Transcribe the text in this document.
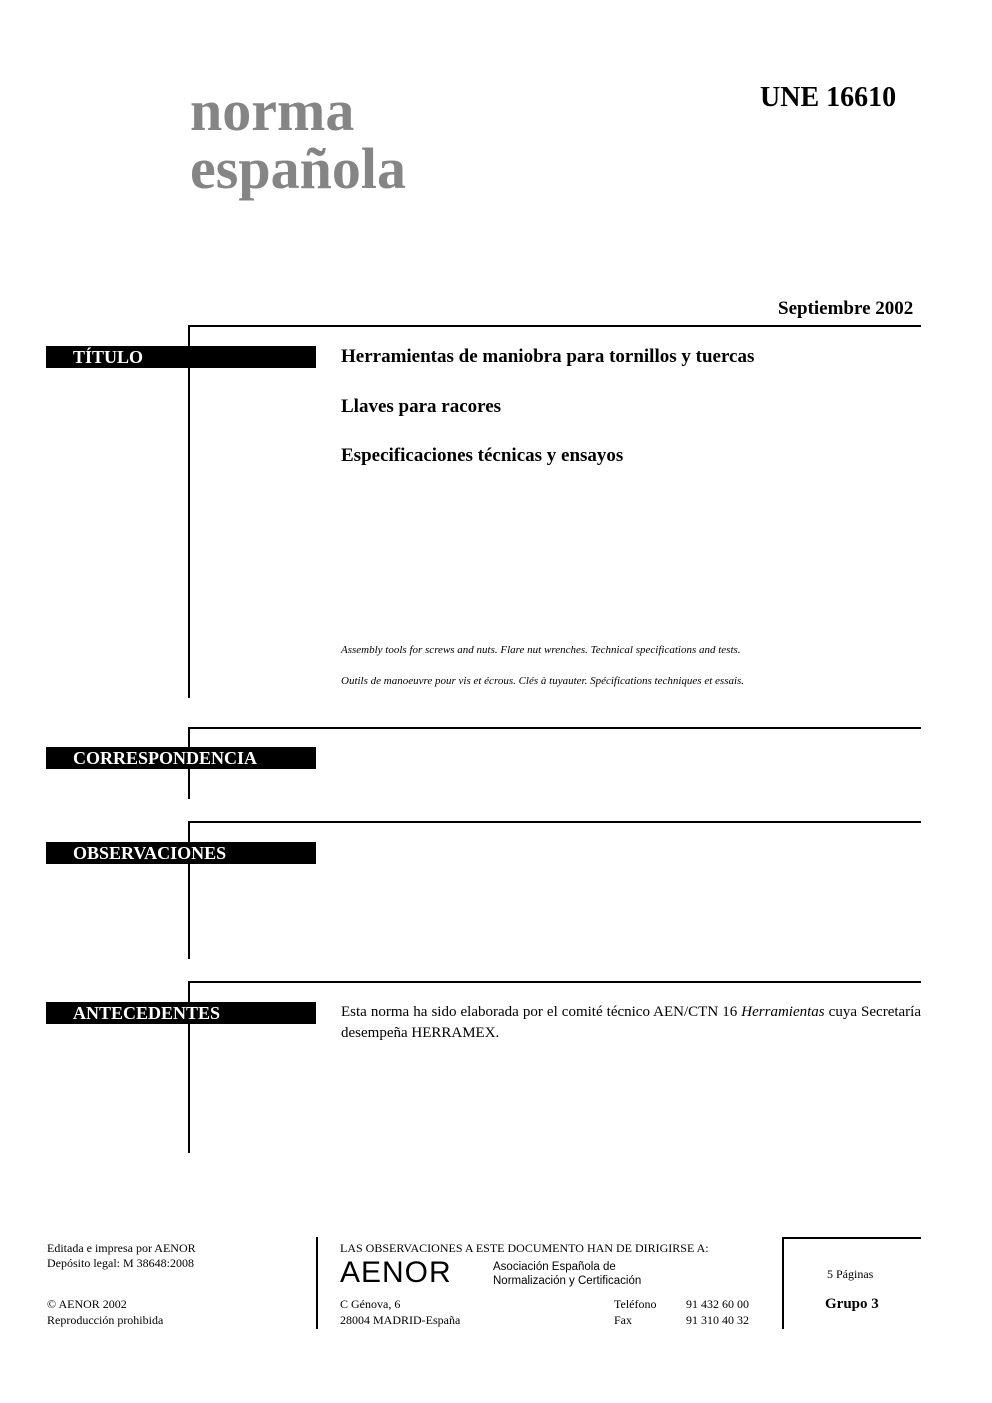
norma
española
UNE 16610
Septiembre 2002
TÍTULO	Herramientas de maniobra para tornillos y tuercas
Llaves para racores
Especificaciones técnicas y ensayos
Assembly tools for screws and nuts. Flare nut wrenches. Technical specifications and tests.
Outils de manoeuvre pour vis et écrous. Clés à tuyauter. Spécifications techniques et essais.
CORRESPONDENCIA
OBSERVACIONES
ANTECEDENTES	Esta norma ha sido elaborada por el comité técnico AEN/CTN 16 Herramientas cuya Secretaría desempeña HERRAMEX.
Editada e impresa por AENOR
Depósito legal: M 38648:2008
© AENOR 2002
Reproducción prohibida
LAS OBSERVACIONES A ESTE DOCUMENTO HAN DE DIRIGIRSE A:
AENOR	Asociación Española de
Normalización y Certificación
C Génova, 6
28004 MADRID-España
Teléfono 91 432 60 00
Fax	91 310 40 32
5 Páginas
Grupo 3
